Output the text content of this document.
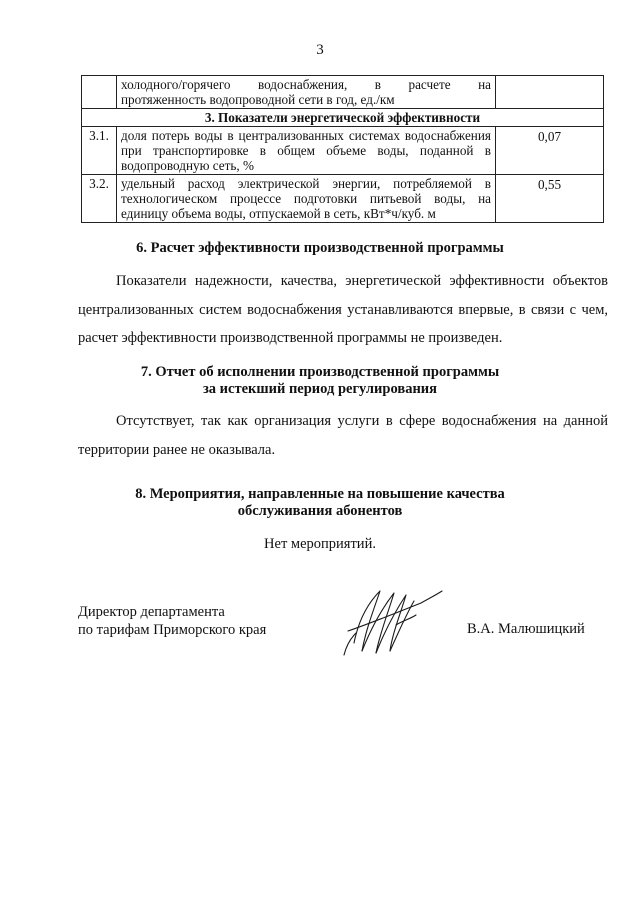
3

	холодного/горячего водоснабжения, в расчете на
протяженность водопроводной сети в год, ед./км	

3. Показатели энергетической эффективности		
3.1.	доля потерь воды в централизованных системах водоснабжения при транспортировке в общем объеме воды, поданной в водопроводную сеть, %	0,07
3.2.	удельный расход электрической энергии, потребляемой в технологическом процессе подготовки питьевой воды, на единицу объема воды, отпускаемой в сеть, кВт*ч/куб. м	0,55
6. Расчет эффективности производственной программы

Показатели надежности, качества, энергетической эффективности объектов централизованных систем водоснабжения устанавливаются впервые, в связи с чем, расчет эффективности производственной программы не произведен.

7. Отчет об исполнении производственной программы
за истекший период регулирования

Отсутствует, так как организация услуги в сфере водоснабжения на данной территории ранее не оказывала.

8. Мероприятия, направленные на повышение качества
обслуживания абонентов

Нет мероприятий.

Директор департамента
по тарифам Приморского края	В.А. Малюшицкий
